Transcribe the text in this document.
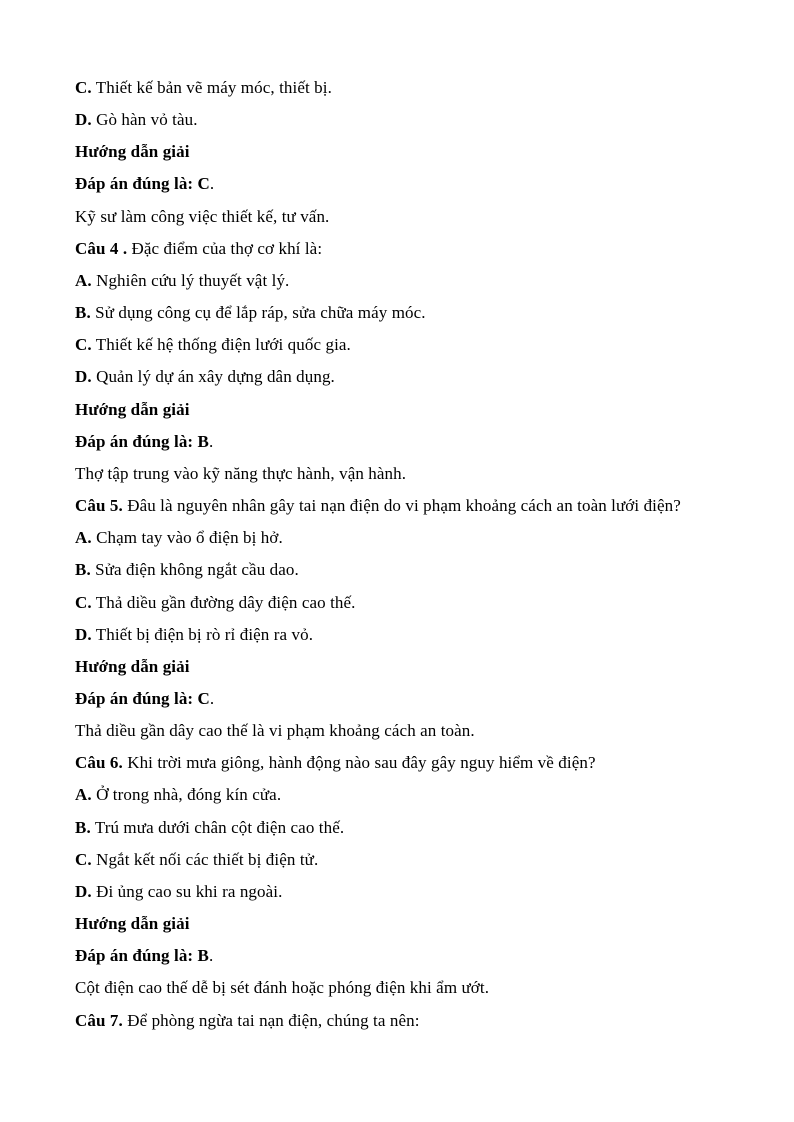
C. Thiết kế bản vẽ máy móc, thiết bị.

D. Gò hàn vỏ tàu.

Hướng dẫn giải

Đáp án đúng là: C.

Kỹ sư làm công việc thiết kế, tư vấn.

Câu 4 . Đặc điểm của thợ cơ khí là:

A. Nghiên cứu lý thuyết vật lý.

B. Sử dụng công cụ để lắp ráp, sửa chữa máy móc.

C. Thiết kế hệ thống điện lưới quốc gia.

D. Quản lý dự án xây dựng dân dụng.

Hướng dẫn giải

Đáp án đúng là: B.

Thợ tập trung vào kỹ năng thực hành, vận hành.

Câu 5. Đâu là nguyên nhân gây tai nạn điện do vi phạm khoảng cách an toàn lưới điện?

A. Chạm tay vào ổ điện bị hở.

B. Sửa điện không ngắt cầu dao.

C. Thả diều gần đường dây điện cao thế.

D. Thiết bị điện bị rò rỉ điện ra vỏ.

Hướng dẫn giải

Đáp án đúng là: C.

Thả diều gần dây cao thế là vi phạm khoảng cách an toàn.

Câu 6. Khi trời mưa giông, hành động nào sau đây gây nguy hiểm về điện?

A. Ở trong nhà, đóng kín cửa.

B. Trú mưa dưới chân cột điện cao thế.

C. Ngắt kết nối các thiết bị điện tử.

D. Đi ủng cao su khi ra ngoài.

Hướng dẫn giải

Đáp án đúng là: B.

Cột điện cao thế dễ bị sét đánh hoặc phóng điện khi ẩm ướt.

Câu 7. Để phòng ngừa tai nạn điện, chúng ta nên:
